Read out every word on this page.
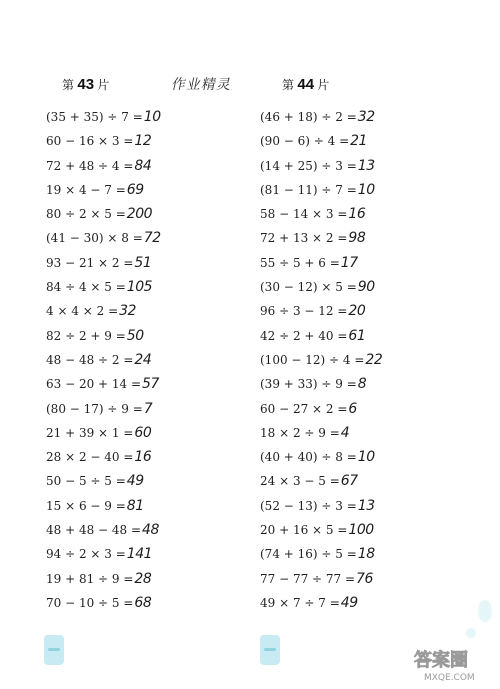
第 43 片	作业精灵	第 44 片
(35 + 35) ÷ 7 =10
60 − 16 × 3 =12
72 + 48 ÷ 4 =84
19 × 4 − 7 =69
80 ÷ 2 × 5 =200
(41 − 30) × 8 =72
93 − 21 × 2 =51
84 ÷ 4 × 5 =105
4 × 4 × 2 =32
82 ÷ 2 + 9 =50
48 − 48 ÷ 2 =24
63 − 20 + 14 =57
(80 − 17) ÷ 9 =7
21 + 39 × 1 =60
28 × 2 − 40 =16
50 − 5 ÷ 5 =49
15 × 6 − 9 =81
48 + 48 − 48 =48
94 ÷ 2 × 3 =141
19 + 81 ÷ 9 =28
70 − 10 ÷ 5 =68
(46 + 18) ÷ 2 =32
(90 − 6) ÷ 4 =21
(14 + 25) ÷ 3 =13
(81 − 11) ÷ 7 =10
58 − 14 × 3 =16
72 + 13 × 2 =98
55 ÷ 5 + 6 =17
(30 − 12) × 5 =90
96 ÷ 3 − 12 =20
42 ÷ 2 + 40 =61
(100 − 12) ÷ 4 =22
(39 + 33) ÷ 9 =8
60 − 27 × 2 =6
18 × 2 ÷ 9 =4
(40 + 40) ÷ 8 =10
24 × 3 − 5 =67
(52 − 13) ÷ 3 =13
20 + 16 × 5 =100
(74 + 16) ÷ 5 =18
77 − 77 ÷ 77 =76
49 × 7 ÷ 7 =49
答案圈
MXQE.COM
